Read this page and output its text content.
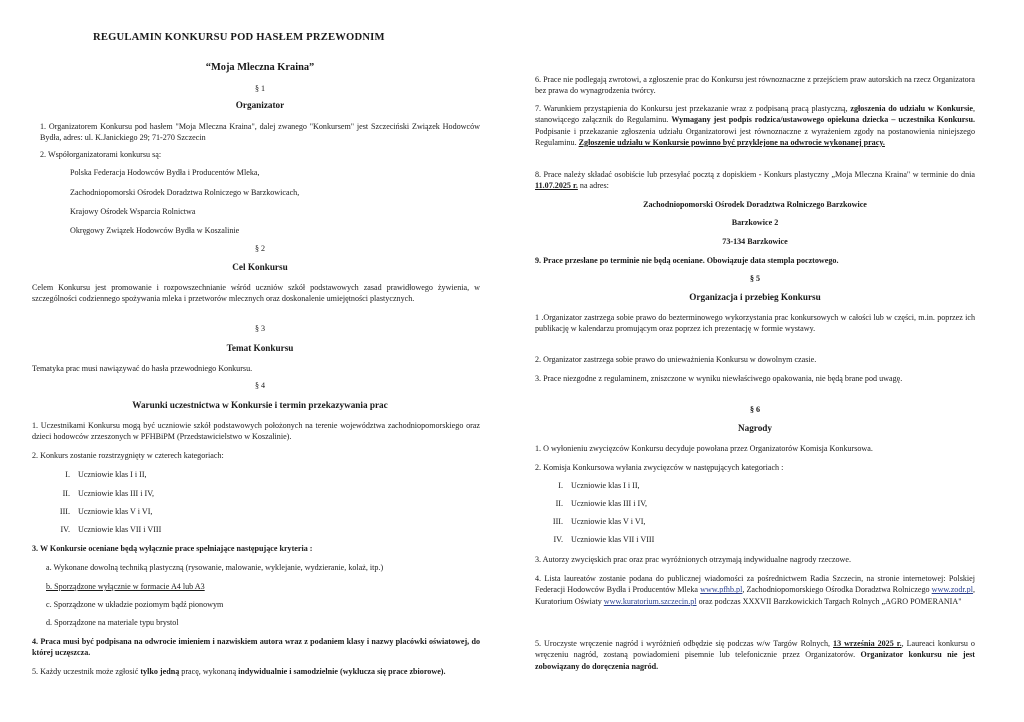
REGULAMIN KONKURSU POD HASŁEM PRZEWODNIM

“Moja Mleczna Kraina”

§ 1

Organizator

1. Organizatorem Konkursu pod hasłem "Moja Mleczna Kraina", dalej zwanego "Konkursem" jest Szczeciński Związek Hodowców Bydła, adres: ul. K.Janickiego 29; 71-270 Szczecin

2. Współorganizatorami konkursu są:

Polska Federacja Hodowców Bydła i Producentów Mleka,

Zachodniopomorski Ośrodek Doradztwa Rolniczego w Barzkowicach,

Krajowy Ośrodek Wsparcia Rolnictwa

Okręgowy Związek Hodowców Bydła w Koszalinie

§ 2

Cel Konkursu

Celem Konkursu jest promowanie i rozpowszechnianie wśród uczniów szkół podstawowych zasad prawidłowego żywienia, w szczególności codziennego spożywania mleka i przetworów mlecznych oraz doskonalenie umiejętności plastycznych.

§ 3

Temat Konkursu

Tematyka prac musi nawiązywać do hasła przewodniego Konkursu.

§ 4

Warunki uczestnictwa w Konkursie i termin przekazywania prac

1. Uczestnikami Konkursu mogą być uczniowie szkół podstawowych położonych na terenie województwa zachodniopomorskiego oraz dzieci hodowców zrzeszonych w PFHBiPM (Przedstawicielstwo w Koszalinie).

2. Konkurs zostanie rozstrzygnięty w czterech kategoriach:

I. Uczniowie klas I i II,

II. Uczniowie klas III i IV,

III. Uczniowie klas V i VI,

IV. Uczniowie klas VII i VIII

3. W Konkursie oceniane będą wyłącznie prace spełniające następujące kryteria :

a. Wykonane dowolną techniką plastyczną (rysowanie, malowanie, wyklejanie, wydzieranie, kolaż, itp.)

b. Sporządzone wyłącznie w formacie A4 lub A3

c. Sporządzone w układzie poziomym bądź pionowym

d. Sporządzone na materiale typu brystol

4. Praca musi być podpisana na odwrocie imieniem i nazwiskiem autora wraz z podaniem klasy i nazwy placówki oświatowej, do której uczęszcza.

5. Każdy uczestnik może zgłosić tylko jedną pracę, wykonaną indywidualnie i samodzielnie (wyklucza się prace zbiorowe).

6. Prace nie podlegają zwrotowi, a zgłoszenie prac do Konkursu jest równoznaczne z przejściem praw autorskich na rzecz Organizatora bez prawa do wynagrodzenia twórcy.

7. Warunkiem przystąpienia do Konkursu jest przekazanie wraz z podpisaną pracą plastyczną, zgłoszenia do udziału w Konkursie, stanowiącego załącznik do Regulaminu. Wymagany jest podpis rodzica/ustawowego opiekuna dziecka – uczestnika Konkursu. Podpisanie i przekazanie zgłoszenia udziału Organizatorowi jest równoznaczne z wyrażeniem zgody na postanowienia niniejszego Regulaminu. Zgłoszenie udziału w Konkursie powinno być przyklejone na odwrocie wykonanej pracy.

8. Prace należy składać osobiście lub przesyłać pocztą z dopiskiem - Konkurs plastyczny „Moja Mleczna Kraina" w terminie do dnia 11.07.2025 r. na adres:

Zachodniopomorski Ośrodek Doradztwa Rolniczego Barzkowice

Barzkowice 2

73-134 Barzkowice

9. Prace przesłane po terminie nie będą oceniane. Obowiązuje data stempla pocztowego.

§ 5

Organizacja i przebieg Konkursu

1 .Organizator zastrzega sobie prawo do bezterminowego wykorzystania prac konkursowych w całości lub w części, m.in. poprzez ich publikację w kalendarzu promującym oraz poprzez ich prezentację w formie wystawy.

2. Organizator zastrzega sobie prawo do unieważnienia Konkursu w dowolnym czasie.

3. Prace niezgodne z regulaminem, zniszczone w wyniku niewłaściwego opakowania, nie będą brane pod uwagę.

§ 6

Nagrody

1. O wyłonieniu zwycięzców Konkursu decyduje powołana przez Organizatorów Komisja Konkursowa.

2. Komisja Konkursowa wyłania zwycięzców w następujących kategoriach :

I. Uczniowie klas I i II,

II. Uczniowie klas III i IV,

III. Uczniowie klas V i VI,

IV. Uczniowie klas VII i VIII

3. Autorzy zwycięskich prac oraz prac wyróżnionych otrzymają indywidualne nagrody rzeczowe.

4. Lista laureatów zostanie podana do publicznej wiadomości za pośrednictwem Radia Szczecin, na stronie internetowej: Polskiej Federacji Hodowców Bydła i Producentów Mleka www.pfhb.pl, Zachodniopomorskiego Ośrodka Doradztwa Rolniczego www.zodr.pl, Kuratorium Oświaty www.kuratorium.szczecin.pl oraz podczas XXXVII Barzkowickich Targach Rolnych „AGRO POMERANIA"

5. Uroczyste wręczenie nagród i wyróżnień odbędzie się podczas w/w Targów Rolnych, 13 września 2025 r., Laureaci konkursu o wręczeniu nagród, zostaną powiadomieni pisemnie lub telefonicznie przez Organizatorów. Organizator konkursu nie jest zobowiązany do doręczenia nagród.
